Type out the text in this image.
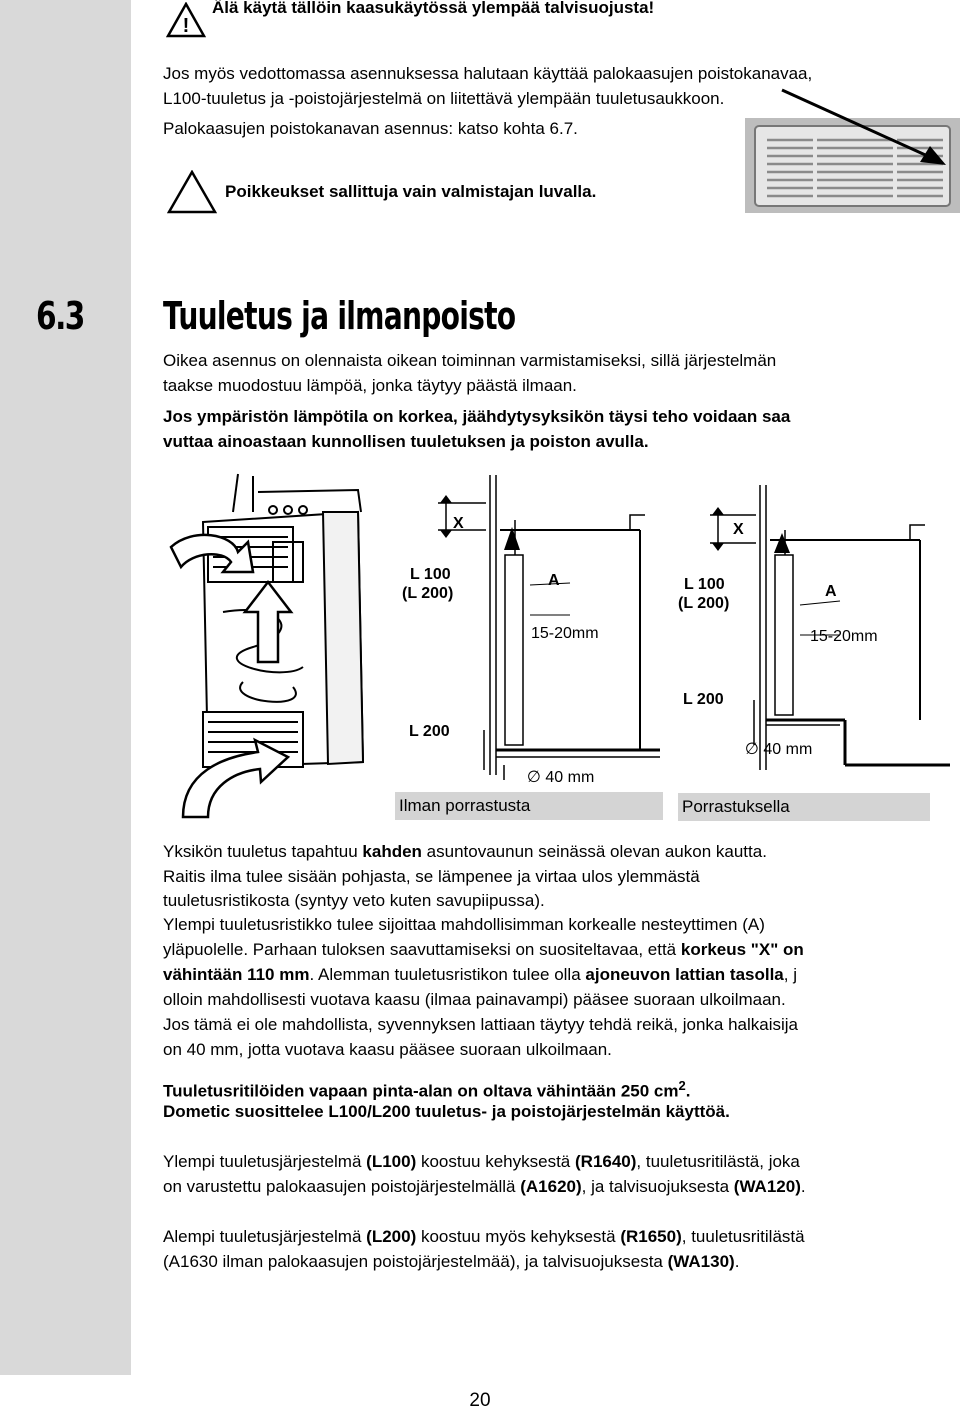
!
Älä käytä tällöin kaasukäytössä ylempää talvisuojusta!

Jos myös vedottomassa asennuksessa halutaan käyttää palokaasujen poistokanavaa,

L100-tuuletus ja -poistojärjestelmä on liitettävä ylempään tuuletusaukkoon.

Palokaasujen poistokanavan asennus: katso kohta 6.7.

Poikkeukset sallittuja vain valmistajan luvalla.
6.3 Tuuletus ja ilmanpoisto

Oikea asennus on olennaista oikean toiminnan varmistamiseksi, sillä järjestelmän

taakse muodostuu lämpöä, jonka täytyy päästä ilmaan.

Jos ympäristön lämpötila on korkea, jäähdytysyksikön täysi teho voidaan saa

vuttaa ainoastaan kunnollisen tuuletuksen ja poiston avulla.

X
L 100
(L 200)
A
15-20mm
L 200
∅ 40 mm
Ilman porrastusta
X
L 100
(L 200)
A
15-20mm
L 200
∅ 40 mm
Porrastuksella

Yksikön tuuletus tapahtuu kahden asuntovaunun seinässä olevan aukon kautta.

Raitis ilma tulee sisään pohjasta, se lämpenee ja virtaa ulos ylemmästä

tuuletusristikosta (syntyy veto kuten savupiipussa).

Ylempi tuuletusristikko tulee sijoittaa mahdollisimman korkealle nesteyttimen (A)

yläpuolelle. Parhaan tuloksen saavuttamiseksi on suositeltavaa, että korkeus "X" on

vähintään 110 mm. Alemman tuuletusristikon tulee olla ajoneuvon lattian tasolla, j

olloin mahdollisesti vuotava kaasu (ilmaa painavampi) pääsee suoraan ulkoilmaan.

Jos tämä ei ole mahdollista, syvennyksen lattiaan täytyy tehdä reikä, jonka halkaisija

on 40 mm, jotta vuotava kaasu pääsee suoraan ulkoilmaan.

Tuuletusritilöiden vapaan pinta-alan on oltava vähintään 250 $cm^2$.

Dometic suosittelee L100/L200 tuuletus- ja poistojärjestelmän käyttöä.

Ylempi tuuletusjärjestelmä (L100) koostuu kehyksestä (R1640), tuuletusritilästä, joka

on varustettu palokaasujen poistojärjestelmällä (A1620), ja talvisuojuksesta (WA120).

Alempi tuuletusjärjestelmä (L200) koostuu myös kehyksestä (R1650), tuuletusritilästä

(A1630 ilman palokaasujen poistojärjestelmää), ja talvisuojuksesta (WA130).

20
